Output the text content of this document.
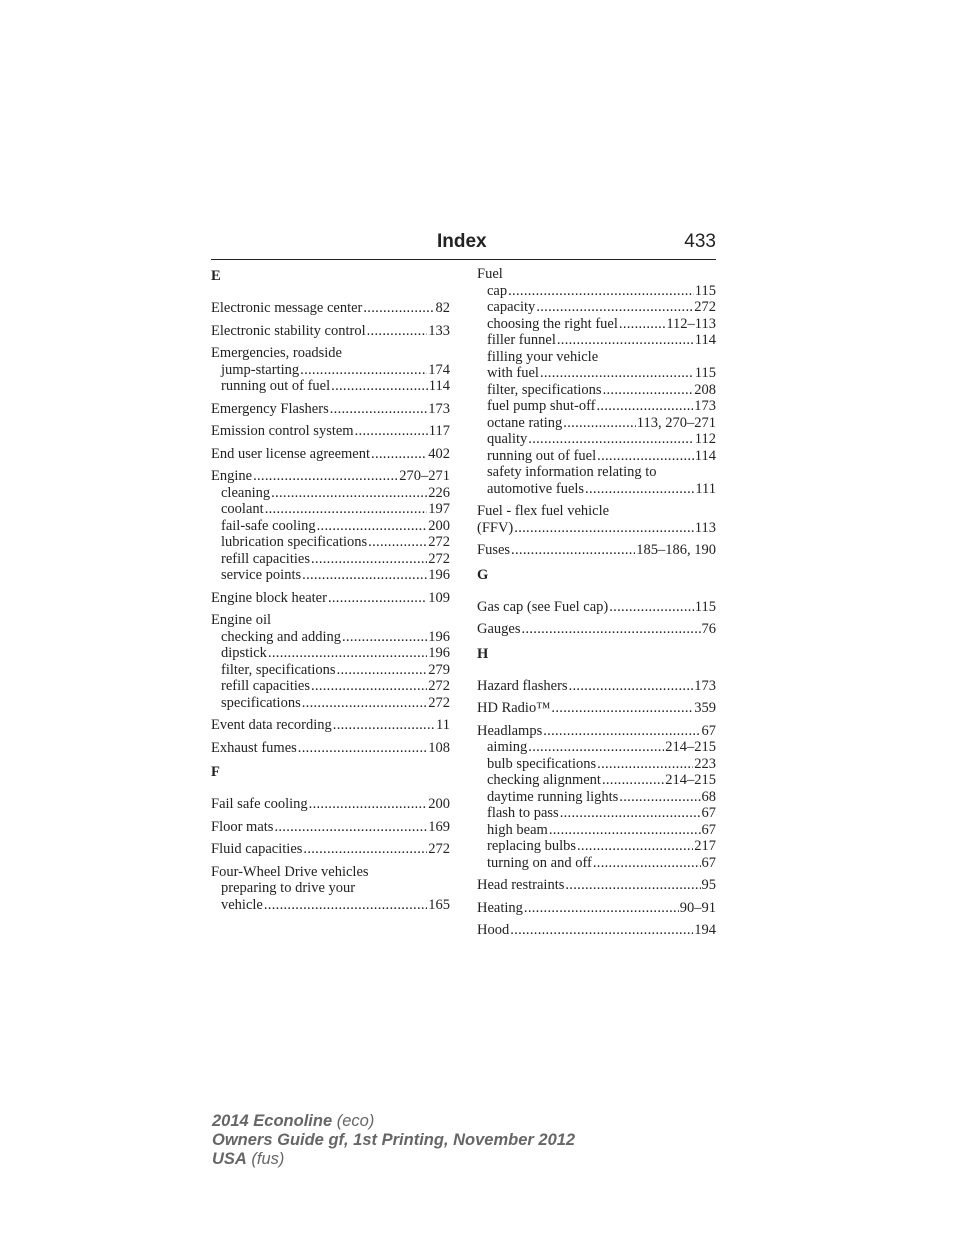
Index	433
E
Electronic message center .....	82
Electronic stability control .....	133
Emergencies, roadside
jump-starting .....	174
running out of fuel .....	114
Emergency Flashers .....	173
Emission control system .....	117
End user license agreement .....	402
Engine .....	270–271
cleaning .....	226
coolant .....	197
fail-safe cooling .....	200
lubrication specifications .....	272
refill capacities .....	272
service points .....	196
Engine block heater .....	109
Engine oil
checking and adding .....	196
dipstick .....	196
filter, specifications .....	279
refill capacities .....	272
specifications .....	272
Event data recording .....	11
Exhaust fumes .....	108
F
Fail safe cooling .....	200
Floor mats .....	169
Fluid capacities .....	272
Four-Wheel Drive vehicles
preparing to drive your
vehicle .....	165
Fuel
cap .....	115
capacity .....	272
choosing the right fuel .....	112–113
filler funnel .....	114
filling your vehicle
with fuel .....	115
filter, specifications .....	208
fuel pump shut-off .....	173
octane rating .....	113, 270–271
quality .....	112
running out of fuel .....	114
safety information relating to
automotive fuels .....	111
Fuel - flex fuel vehicle
(FFV) .....	113
Fuses .....	185–186, 190
G
Gas cap (see Fuel cap) .....	115
Gauges .....	76
H
Hazard flashers .....	173
HD Radio™ .....	359
Headlamps .....	67
aiming .....	214–215
bulb specifications .....	223
checking alignment .....	214–215
daytime running lights .....	68
flash to pass .....	67
high beam .....	67
replacing bulbs .....	217
turning on and off .....	67
Head restraints .....	95
Heating .....	90–91
Hood .....	194
2014 Econoline (eco)
Owners Guide gf, 1st Printing, November 2012
USA (fus)
